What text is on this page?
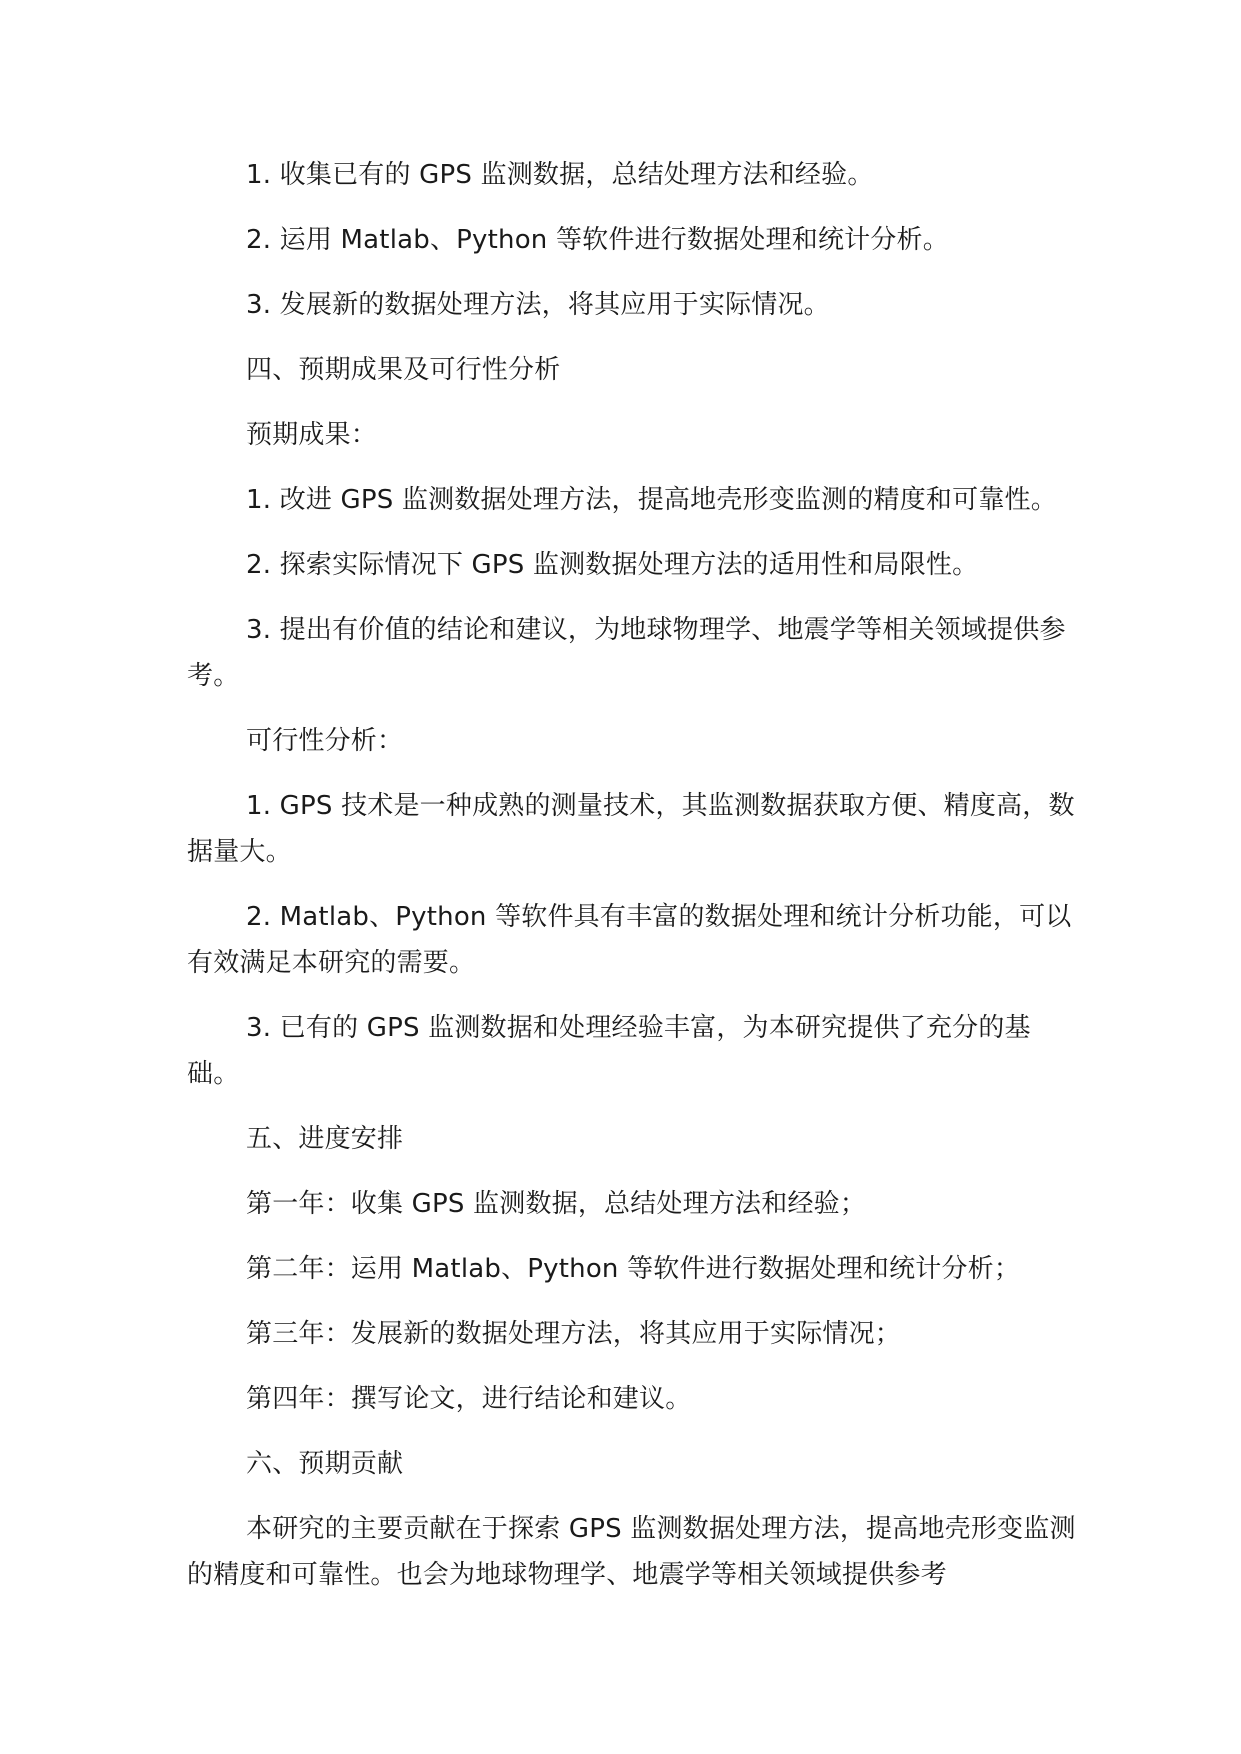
1. 收集已有的 GPS 监测数据，总结处理方法和经验。

2. 运用 Matlab、Python 等软件进行数据处理和统计分析。

3. 发展新的数据处理方法，将其应用于实际情况。

四、预期成果及可行性分析

预期成果：

1. 改进 GPS 监测数据处理方法，提高地壳形变监测的精度和可靠性。

2. 探索实际情况下 GPS 监测数据处理方法的适用性和局限性。

3. 提出有价值的结论和建议，为地球物理学、地震学等相关领域提供参考。

可行性分析：

1. GPS 技术是一种成熟的测量技术，其监测数据获取方便、精度高，数据量大。

2. Matlab、Python 等软件具有丰富的数据处理和统计分析功能，可以有效满足本研究的需要。

3. 已有的 GPS 监测数据和处理经验丰富，为本研究提供了充分的基础。

五、进度安排

第一年：收集 GPS 监测数据，总结处理方法和经验；

第二年：运用 Matlab、Python 等软件进行数据处理和统计分析；

第三年：发展新的数据处理方法，将其应用于实际情况；

第四年：撰写论文，进行结论和建议。

六、预期贡献

本研究的主要贡献在于探索 GPS 监测数据处理方法，提高地壳形变监测的精度和可靠性。也会为地球物理学、地震学等相关领域提供参考
